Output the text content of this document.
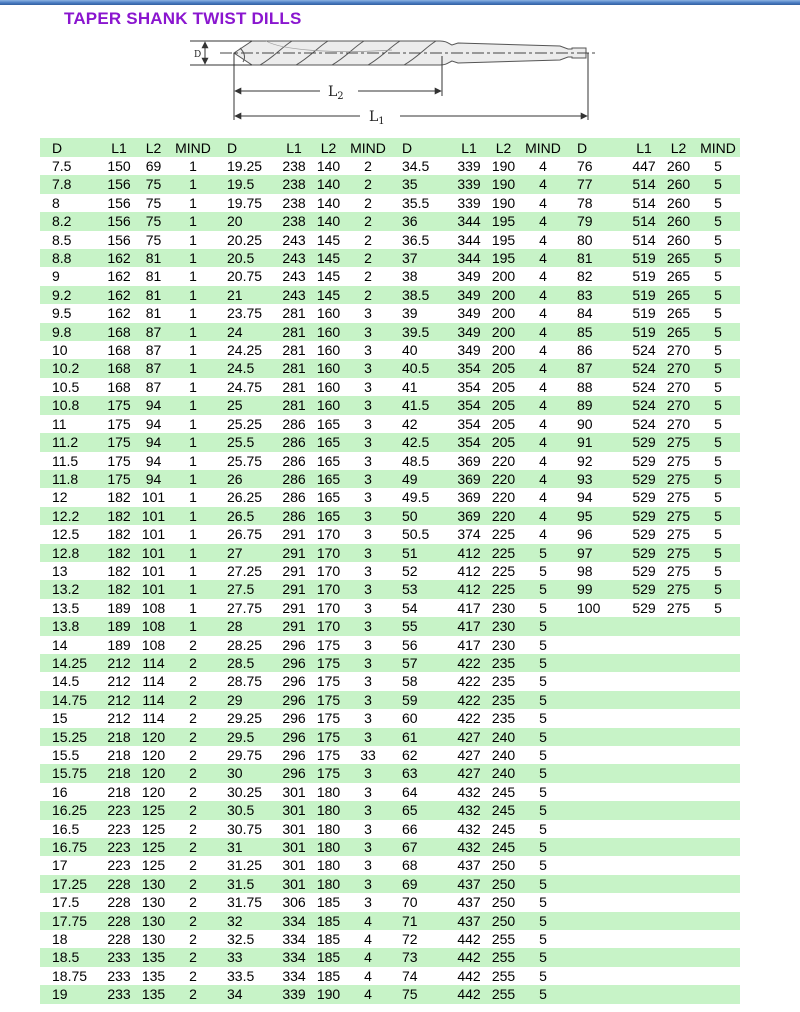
TAPER SHANK TWIST DILLS
D
$L_2$
$L_1$
D	L1	L2	MIND	D	L1	L2	MIND	D	L1	L2	MIND	D	L1	L2	MIND
7.5	150	69	1	19.25	238	140	2	34.5	339	190	4	76	447	260	5
7.8	156	75	1	19.5	238	140	2	35	339	190	4	77	514	260	5
8	156	75	1	19.75	238	140	2	35.5	339	190	4	78	514	260	5
8.2	156	75	1	20	238	140	2	36	344	195	4	79	514	260	5
8.5	156	75	1	20.25	243	145	2	36.5	344	195	4	80	514	260	5
8.8	162	81	1	20.5	243	145	2	37	344	195	4	81	519	265	5
9	162	81	1	20.75	243	145	2	38	349	200	4	82	519	265	5
9.2	162	81	1	21	243	145	2	38.5	349	200	4	83	519	265	5
9.5	162	81	1	23.75	281	160	3	39	349	200	4	84	519	265	5
9.8	168	87	1	24	281	160	3	39.5	349	200	4	85	519	265	5
10	168	87	1	24.25	281	160	3	40	349	200	4	86	524	270	5
10.2	168	87	1	24.5	281	160	3	40.5	354	205	4	87	524	270	5
10.5	168	87	1	24.75	281	160	3	41	354	205	4	88	524	270	5
10.8	175	94	1	25	281	160	3	41.5	354	205	4	89	524	270	5
11	175	94	1	25.25	286	165	3	42	354	205	4	90	524	270	5
11.2	175	94	1	25.5	286	165	3	42.5	354	205	4	91	529	275	5
11.5	175	94	1	25.75	286	165	3	48.5	369	220	4	92	529	275	5
11.8	175	94	1	26	286	165	3	49	369	220	4	93	529	275	5
12	182	101	1	26.25	286	165	3	49.5	369	220	4	94	529	275	5
12.2	182	101	1	26.5	286	165	3	50	369	220	4	95	529	275	5
12.5	182	101	1	26.75	291	170	3	50.5	374	225	4	96	529	275	5
12.8	182	101	1	27	291	170	3	51	412	225	5	97	529	275	5
13	182	101	1	27.25	291	170	3	52	412	225	5	98	529	275	5
13.2	182	101	1	27.5	291	170	3	53	412	225	5	99	529	275	5
13.5	189	108	1	27.75	291	170	3	54	417	230	5	100	529	275	5
13.8	189	108	1	28	291	170	3	55	417	230	5				
14	189	108	2	28.25	296	175	3	56	417	230	5				
14.25	212	114	2	28.5	296	175	3	57	422	235	5				
14.5	212	114	2	28.75	296	175	3	58	422	235	5				
14.75	212	114	2	29	296	175	3	59	422	235	5				
15	212	114	2	29.25	296	175	3	60	422	235	5				
15.25	218	120	2	29.5	296	175	3	61	427	240	5				
15.5	218	120	2	29.75	296	175	33	62	427	240	5				
15.75	218	120	2	30	296	175	3	63	427	240	5				
16	218	120	2	30.25	301	180	3	64	432	245	5				
16.25	223	125	2	30.5	301	180	3	65	432	245	5				
16.5	223	125	2	30.75	301	180	3	66	432	245	5				
16.75	223	125	2	31	301	180	3	67	432	245	5				
17	223	125	2	31.25	301	180	3	68	437	250	5				
17.25	228	130	2	31.5	301	180	3	69	437	250	5				
17.5	228	130	2	31.75	306	185	3	70	437	250	5				
17.75	228	130	2	32	334	185	4	71	437	250	5				
18	228	130	2	32.5	334	185	4	72	442	255	5				
18.5	233	135	2	33	334	185	4	73	442	255	5				
18.75	233	135	2	33.5	334	185	4	74	442	255	5				
19	233	135	2	34	339	190	4	75	442	255	5				
